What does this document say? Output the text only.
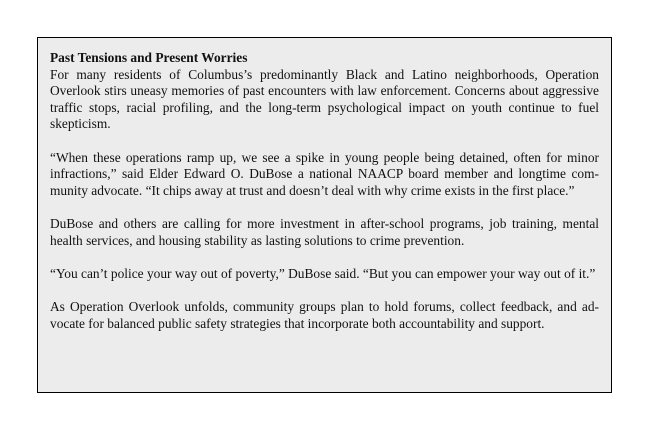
Past Tensions and Present Worries

For many residents of Columbus’s predominantly Black and Latino neighborhoods, Operation Overlook stirs uneasy memories of past encounters with law enforcement. Concerns about aggressive traffic stops, racial profiling, and the long-term psychological impact on youth continue to fuel skepticism.

“When these operations ramp up, we see a spike in young people being detained, often for minor infractions,” said Elder Edward O. DuBose a national NAACP board member and longtime community advocate. “It chips away at trust and doesn’t deal with why crime exists in the first place.”

DuBose and others are calling for more investment in after-school programs, job training, mental health services, and housing stability as lasting solutions to crime prevention.

“You can’t police your way out of poverty,” DuBose said. “But you can empower your way out of it.”

As Operation Overlook unfolds, community groups plan to hold forums, collect feedback, and advocate for balanced public safety strategies that incorporate both accountability and support.
